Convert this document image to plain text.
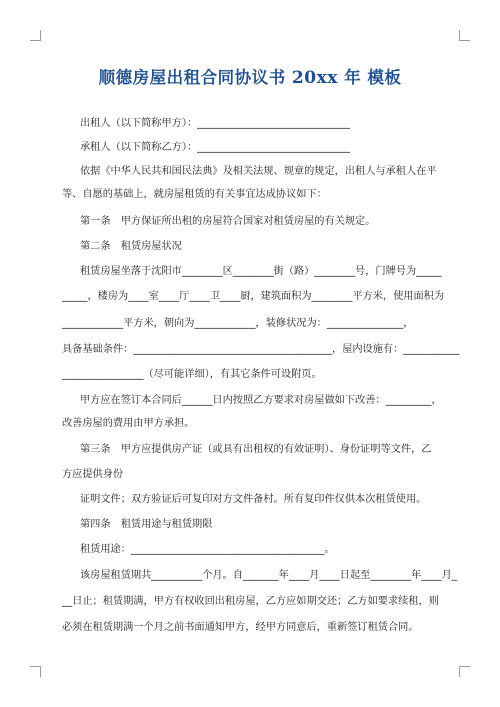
顺德房屋出租合同协议书 20xx 年 模板
出租人（以下简称甲方）：______________________________
承租人（以下简称乙方）：______________________________
依据《中华人民共和国民法典》及相关法规、规章的规定，出租人与承租人在平
等、自愿的基础上，就房屋租赁的有关事宜达成协议如下：
第一条　甲方保证所出租的房屋符合国家对租赁房屋的有关规定。
第二条　租赁房屋状况
租赁房屋坐落于沈阳市________区________街（路）________号，门牌号为_____
_____，楼房为____室____厅____卫____厨，建筑面积为________平方米，使用面积为
____________平方米，朝向为____________，装修状况为：_______________，
具备基础条件：_______________________________________，屋内设施有：___________
________________（尽可能详细），有其它条件可设附页。
甲方应在签订本合同后______日内按照乙方要求对房屋做如下改善：_________，
改善房屋的费用由甲方承担。
第三条　甲方应提供房产证（或具有出租权的有效证明）、身份证明等文件，乙
方应提供身份
证明文件；双方验证后可复印对方文件备村。所有复印件仅供本次租赁使用。
第四条　租赁用途与租赁期限
租赁用途：______________________________________。
该房屋租赁期共__________个月。自_______年____月____日起至________年____月_
__日止；租赁期满，甲方有权收回出租房屋，乙方应如期交还；乙方如要求续租，则
必须在租赁期满一个月之前书面通知甲方，经甲方同意后，重新签订租赁合同。
